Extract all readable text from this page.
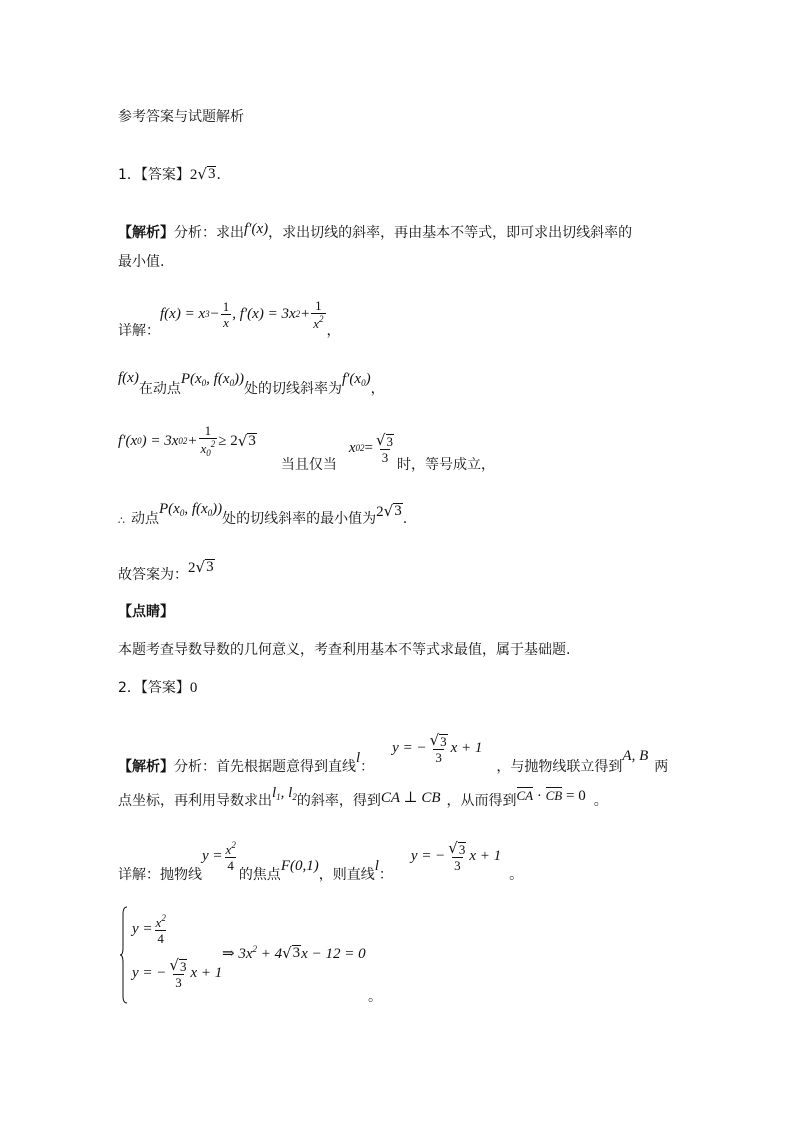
参考答案与试题解析
1．【答案】2 √ 3 ．
【解析】分析：求出f′(x)，求出切线的斜率，再由基本不等式，即可求出切线斜率的
最小值.
详解：
f(x) = x $3 - \frac{1}{x}$ , f′(x) = 3x $2 + \frac{1}{x^2}$
，
f(x)
在动点
$P(x_0$, $f(x_0)$)
处的切线斜率为
$f'(x_0)$
，
f′(x 0 ) = 3x 0 $2 + \frac{1}{x_0^2} \ge 2$ √ 3
当且仅当
x 0 $2 = \frac{√ 3}{3}$
时，等号成立，
∴ 动点
$P(x_0$, $f(x_0)$)
处的切线斜率的最小值为 2 √ 3 .
故答案为： 2 √ 3
【点睛】
本题考查导数导数的几何意义，考查利用基本不等式求最值，属于基础题.
2．【答案】0
【解析】 分析：首先根据题意得到直线
l
：
y = − $\frac{√ 3}{3}$ x + 1
，与抛物线联立得到
A, B
两
点坐标，再利用导数求出 $l_1$, $l_2$ 的斜率，得到 CA ⊥ CB ，从而得到 CA · CB = 0 。
详解： 抛物线
$y = \frac{x^2}{4}$
的焦点
F(0,1)
，则直线
l
：
y = − $\frac{√ 3}{3}$ x + 1
。
$y = \frac{x^2}{4}$
y = − $\frac{√ 3}{3}$ x + 1
⇒ $3x^2 + 4$ √ 3 x − 12 = 0
。
